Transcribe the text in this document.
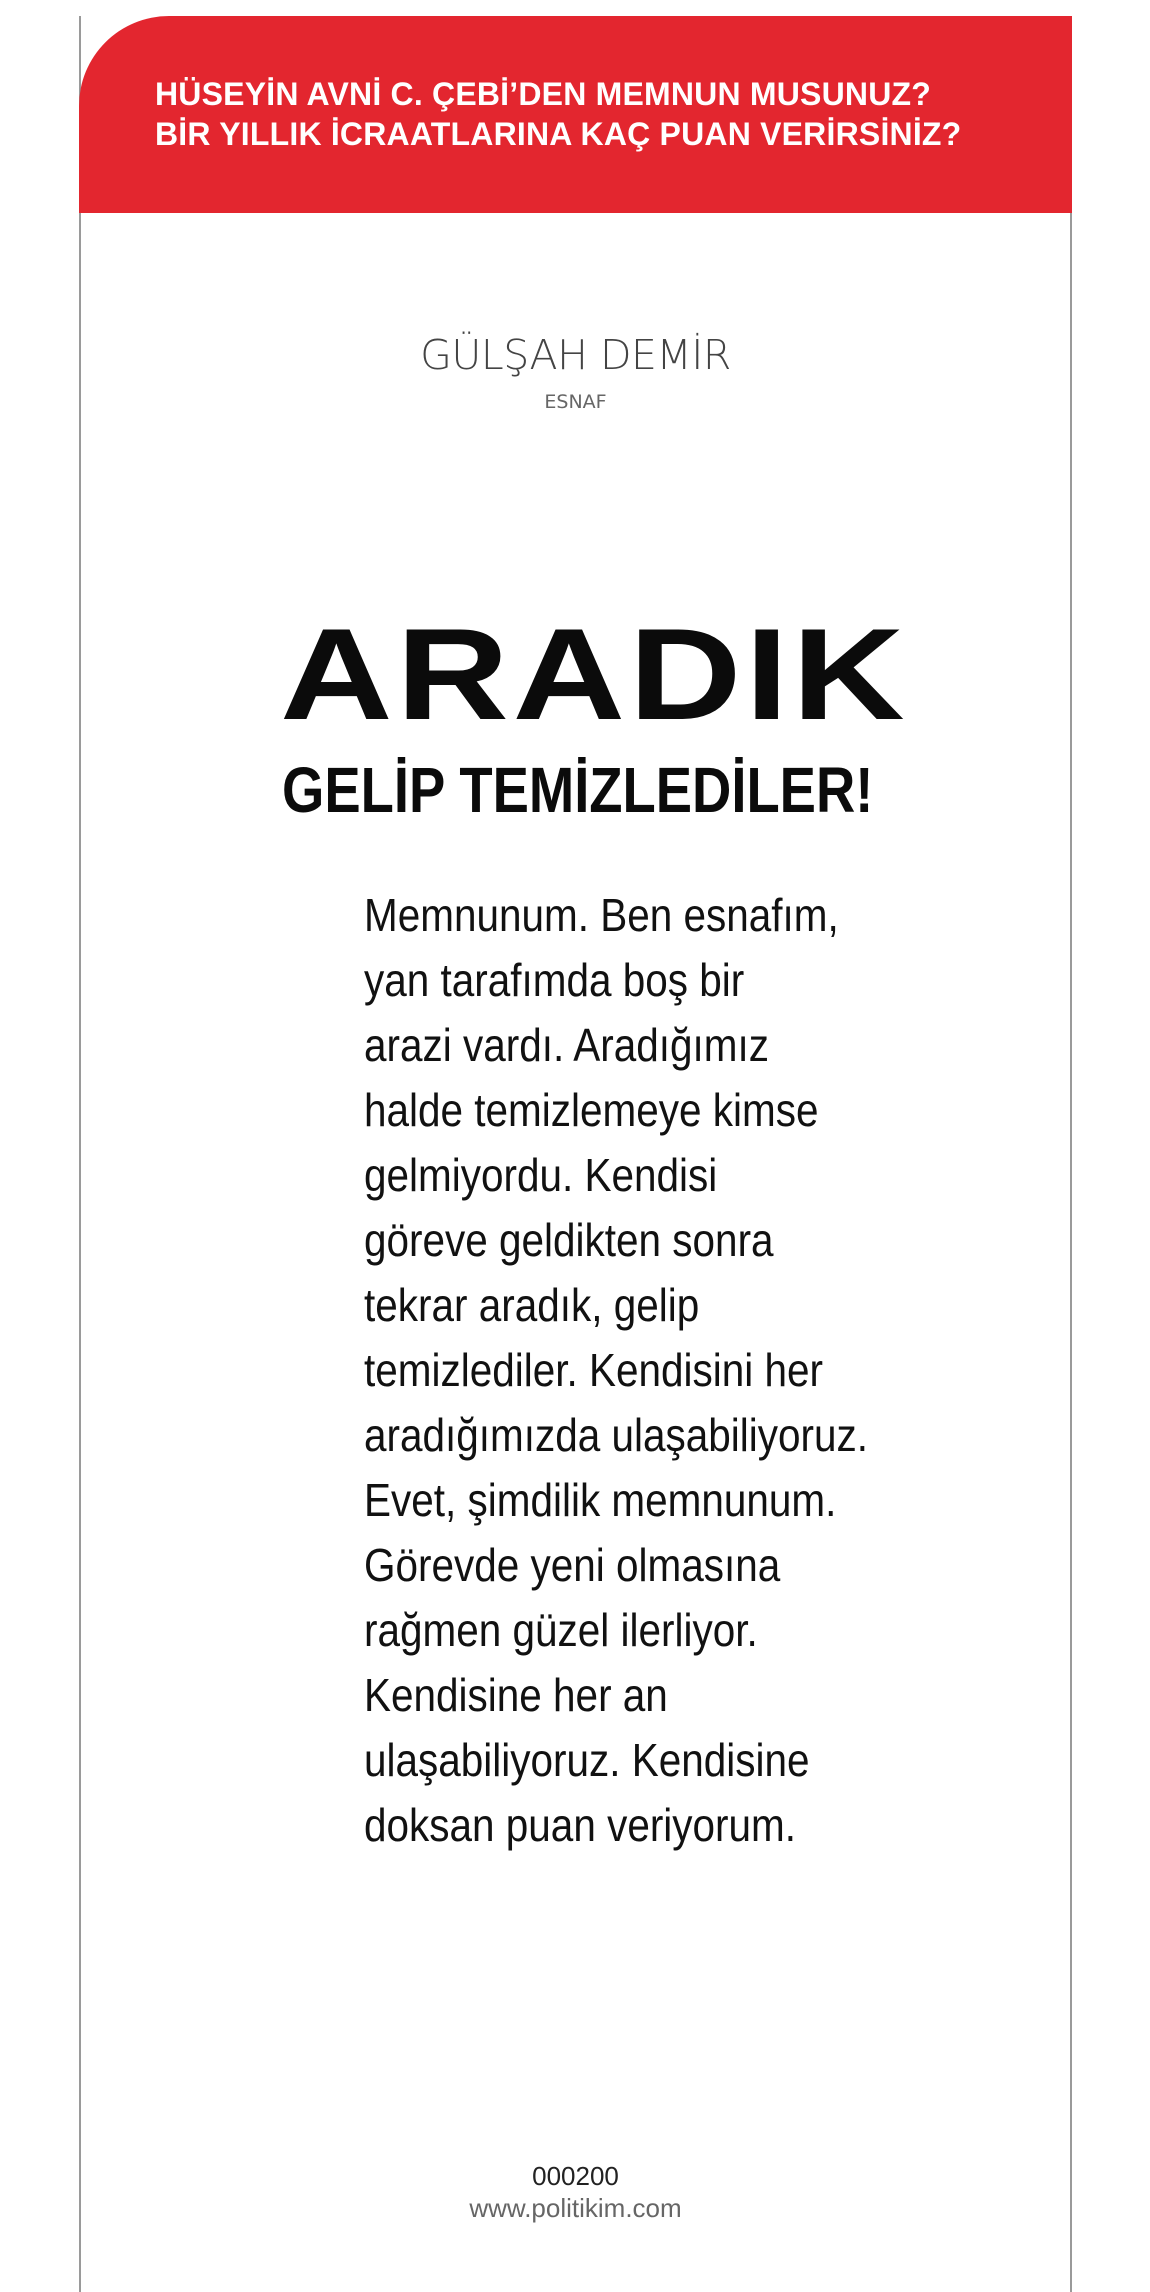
HÜSEYİN AVNİ C. ÇEBİ’DEN MEMNUN MUSUNUZ?
BİR YILLIK İCRAATLARINA KAÇ PUAN VERİRSİNİZ?
GÜLŞAH DEMİR
ESNAF
ARADIK
GELİP TEMİZLEDİLER!
Memnunum. Ben esnafım,
yan tarafımda boş bir
arazi vardı. Aradığımız
halde temizlemeye kimse
gelmiyordu. Kendisi
göreve geldikten sonra
tekrar aradık, gelip
temizlediler. Kendisini her
aradığımızda ulaşabiliyoruz.
Evet, şimdilik memnunum.
Görevde yeni olmasına
rağmen güzel ilerliyor.
Kendisine her an
ulaşabiliyoruz. Kendisine
doksan puan veriyorum.
000200
www.politikim.com
